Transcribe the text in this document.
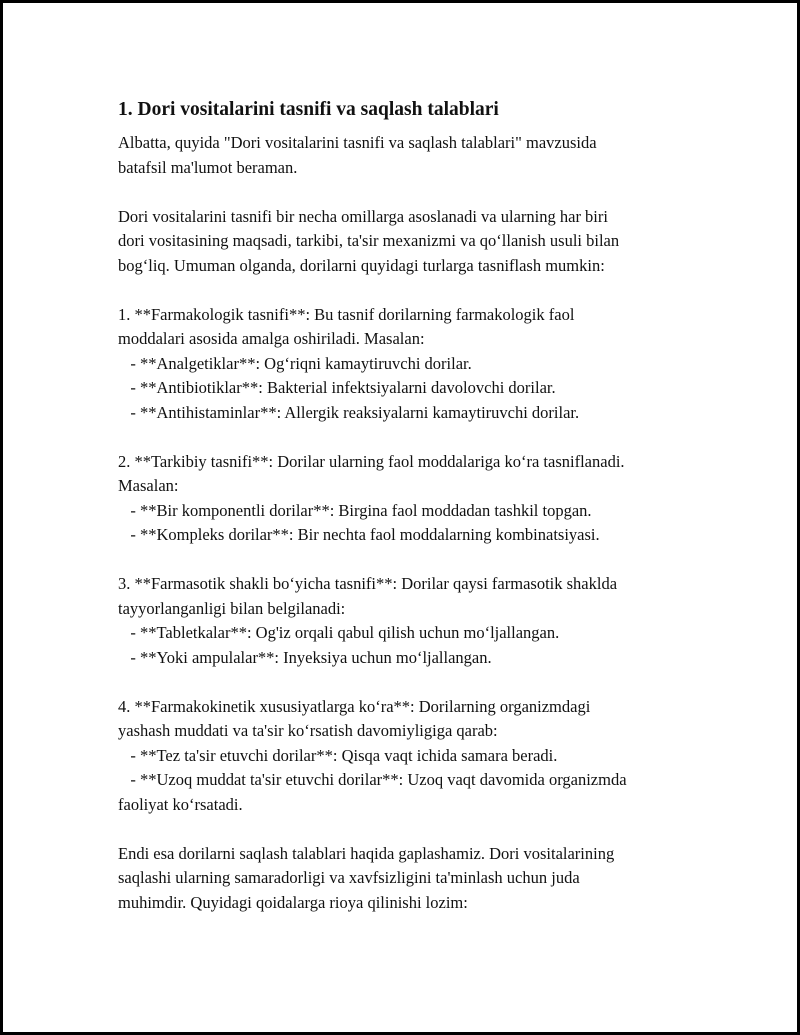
1. Dori vositalarini tasnifi va saqlash talablari

Albatta, quyida "Dori vositalarini tasnifi va saqlash talablari" mavzusida
batafsil ma'lumot beraman.

Dori vositalarini tasnifi bir necha omillarga asoslanadi va ularning har biri
dori vositasining maqsadi, tarkibi, ta'sir mexanizmi va qo‘llanish usuli bilan
bog‘liq. Umuman olganda, dorilarni quyidagi turlarga tasniflash mumkin:

1. **Farmakologik tasnifi**: Bu tasnif dorilarning farmakologik faol
moddalari asosida amalga oshiriladi. Masalan:

- **Analgetiklar**: Og‘riqni kamaytiruvchi dorilar.

- **Antibiotiklar**: Bakterial infektsiyalarni davolovchi dorilar.

- **Antihistaminlar**: Allergik reaksiyalarni kamaytiruvchi dorilar.

2. **Tarkibiy tasnifi**: Dorilar ularning faol moddalariga ko‘ra tasniflanadi.
Masalan:

- **Bir komponentli dorilar**: Birgina faol moddadan tashkil topgan.

- **Kompleks dorilar**: Bir nechta faol moddalarning kombinatsiyasi.

3. **Farmasotik shakli bo‘yicha tasnifi**: Dorilar qaysi farmasotik shaklda
tayyorlanganligi bilan belgilanadi:

- **Tabletkalar**: Og'iz orqali qabul qilish uchun mo‘ljallangan.

- **Yoki ampulalar**: Inyeksiya uchun mo‘ljallangan.

4. **Farmakokinetik xususiyatlarga ko‘ra**: Dorilarning organizmdagi
yashash muddati va ta'sir ko‘rsatish davomiyligiga qarab:

- **Tez ta'sir etuvchi dorilar**: Qisqa vaqt ichida samara beradi.

- **Uzoq muddat ta'sir etuvchi dorilar**: Uzoq vaqt davomida organizmda
faoliyat ko‘rsatadi.

Endi esa dorilarni saqlash talablari haqida gaplashamiz. Dori vositalarining
saqlashi ularning samaradorligi va xavfsizligini ta'minlash uchun juda
muhimdir. Quyidagi qoidalarga rioya qilinishi lozim:
